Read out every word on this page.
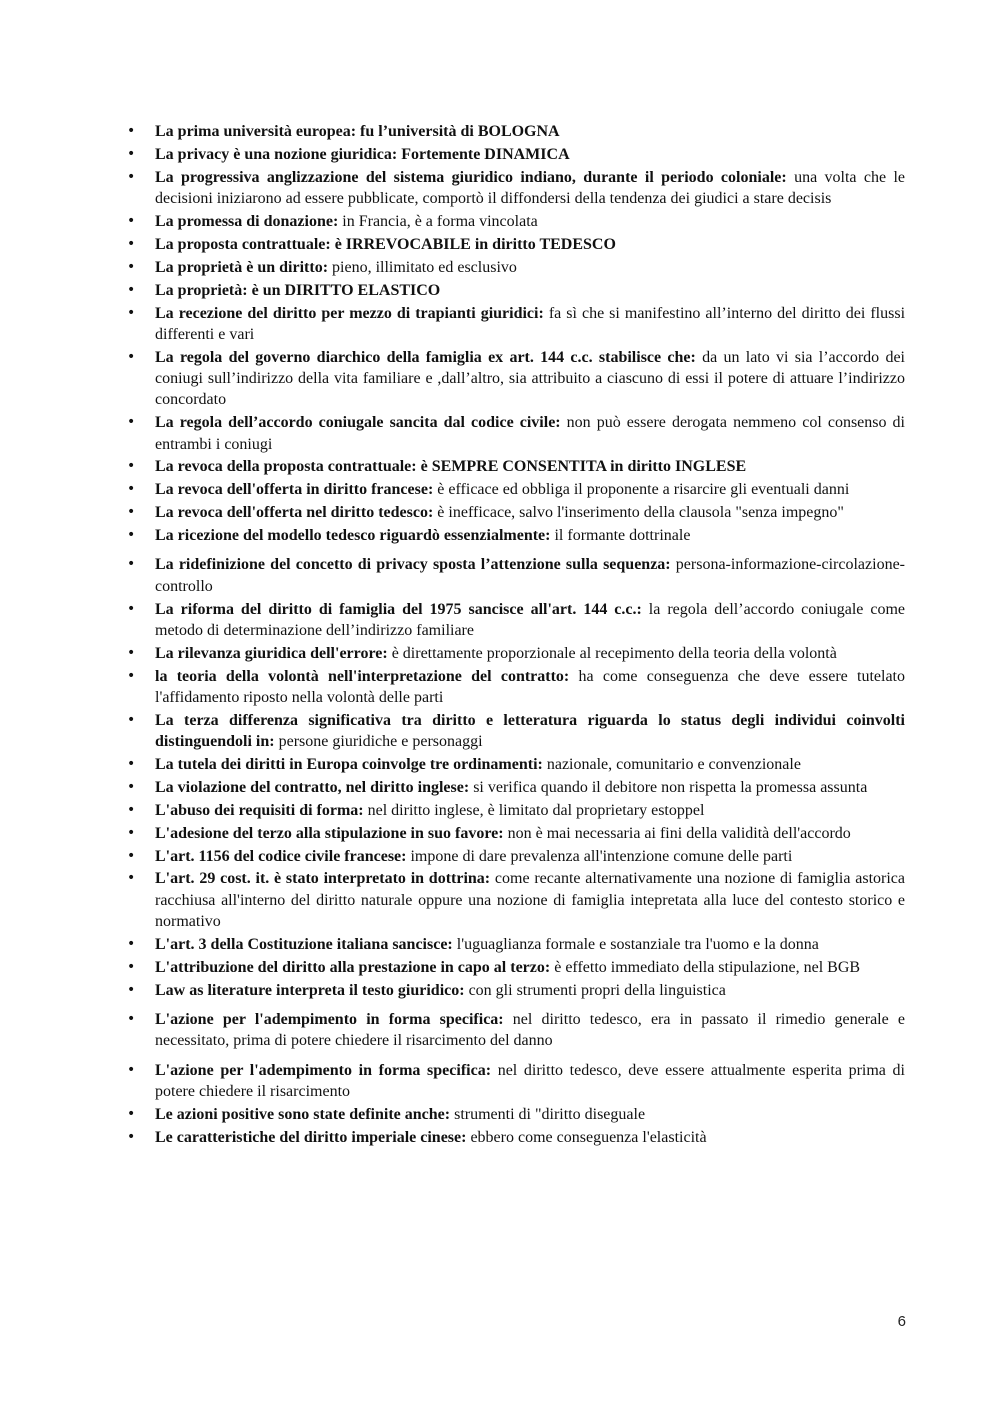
• La prima università europea: fu l’università di BOLOGNA
• La privacy è una nozione giuridica: Fortemente DINAMICA
• La progressiva anglizzazione del sistema giuridico indiano, durante il periodo coloniale: una volta che le decisioni iniziarono ad essere pubblicate, comportò il diffondersi della tendenza dei giudici a stare decisis
• La promessa di donazione: in Francia, è a forma vincolata
• La proposta contrattuale: è IRREVOCABILE in diritto TEDESCO
• La proprietà è un diritto: pieno, illimitato ed esclusivo
• La proprietà: è un DIRITTO ELASTICO
• La recezione del diritto per mezzo di trapianti giuridici: fa sì che si manifestino all’interno del diritto dei flussi differenti e vari
• La regola del governo diarchico della famiglia ex art. 144 c.c. stabilisce che: da un lato vi sia l’accordo dei coniugi sull’indirizzo della vita familiare e ,dall’altro, sia attribuito a ciascuno di essi il potere di attuare l’indirizzo concordato
• La regola dell’accordo coniugale sancita dal codice civile: non può essere derogata nemmeno col consenso di entrambi i coniugi
• La revoca della proposta contrattuale: è SEMPRE CONSENTITA in diritto INGLESE
• La revoca dell'offerta in diritto francese: è efficace ed obbliga il proponente a risarcire gli eventuali danni
• La revoca dell'offerta nel diritto tedesco: è inefficace, salvo l'inserimento della clausola "senza impegno"
• La ricezione del modello tedesco riguardò essenzialmente: il formante dottrinale
• La ridefinizione del concetto di privacy sposta l’attenzione sulla sequenza: persona-informazione-circolazione-controllo
• La riforma del diritto di famiglia del 1975 sancisce all'art. 144 c.c.: la regola dell’accordo coniugale come metodo di determinazione dell’indirizzo familiare
• La rilevanza giuridica dell'errore: è direttamente proporzionale al recepimento della teoria della volontà
• la teoria della volontà nell'interpretazione del contratto: ha come conseguenza che deve essere tutelato l'affidamento riposto nella volontà delle parti
• La terza differenza significativa tra diritto e letteratura riguarda lo status degli individui coinvolti distinguendoli in: persone giuridiche e personaggi
• La tutela dei diritti in Europa coinvolge tre ordinamenti: nazionale, comunitario e convenzionale
• La violazione del contratto, nel diritto inglese: si verifica quando il debitore non rispetta la promessa assunta
• L'abuso dei requisiti di forma: nel diritto inglese, è limitato dal proprietary estoppel
• L'adesione del terzo alla stipulazione in suo favore: non è mai necessaria ai fini della validità dell'accordo
• L'art. 1156 del codice civile francese: impone di dare prevalenza all'intenzione comune delle parti
• L'art. 29 cost. it. è stato interpretato in dottrina: come recante alternativamente una nozione di famiglia astorica racchiusa all'interno del diritto naturale oppure una nozione di famiglia intepretata alla luce del contesto storico e normativo
• L'art. 3 della Costituzione italiana sancisce: l'uguaglianza formale e sostanziale tra l'uomo e la donna
• L'attribuzione del diritto alla prestazione in capo al terzo: è effetto immediato della stipulazione, nel BGB
• Law as literature interpreta il testo giuridico: con gli strumenti propri della linguistica
• L'azione per l'adempimento in forma specifica: nel diritto tedesco, era in passato il rimedio generale e necessitato, prima di potere chiedere il risarcimento del danno
• L'azione per l'adempimento in forma specifica: nel diritto tedesco, deve essere attualmente esperita prima di potere chiedere il risarcimento
• Le azioni positive sono state definite anche: strumenti di "diritto diseguale
• Le caratteristiche del diritto imperiale cinese: ebbero come conseguenza l'elasticità
6
